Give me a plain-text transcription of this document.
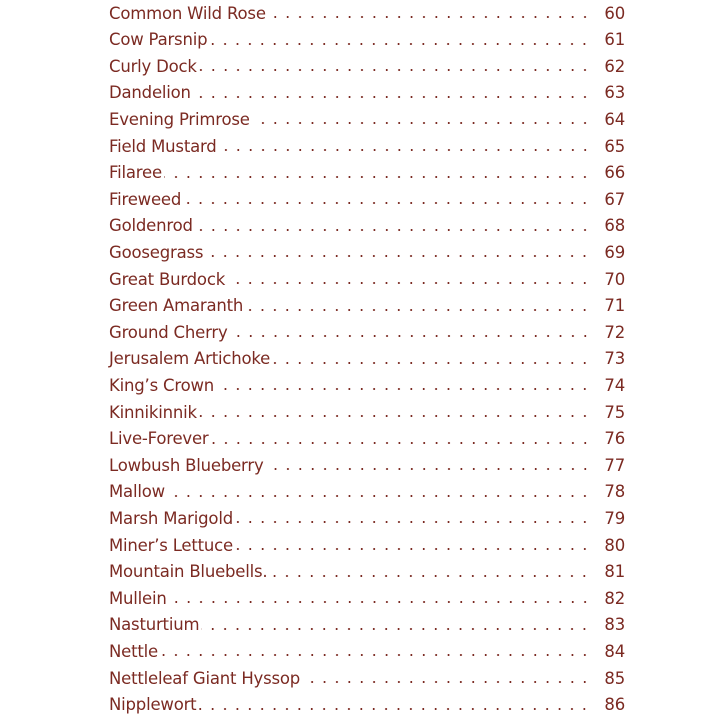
Common Wild Rose	60
Cow Parsnip	61
Curly Dock	62
Dandelion	63
Evening Primrose	64
Field Mustard	65
Filaree	66
Fireweed	67
Goldenrod	68
Goosegrass	69
Great Burdock	70
Green Amaranth	71
Ground Cherry	72
Jerusalem Artichoke	73
King’s Crown	74
Kinnikinnik	75
Live-Forever	76
Lowbush Blueberry	77
Mallow	78
Marsh Marigold	79
Miner’s Lettuce	80
Mountain Bluebells.	81
Mullein	82
Nasturtium	83
Nettle	84
Nettleleaf Giant Hyssop	85
Nipplewort	86
